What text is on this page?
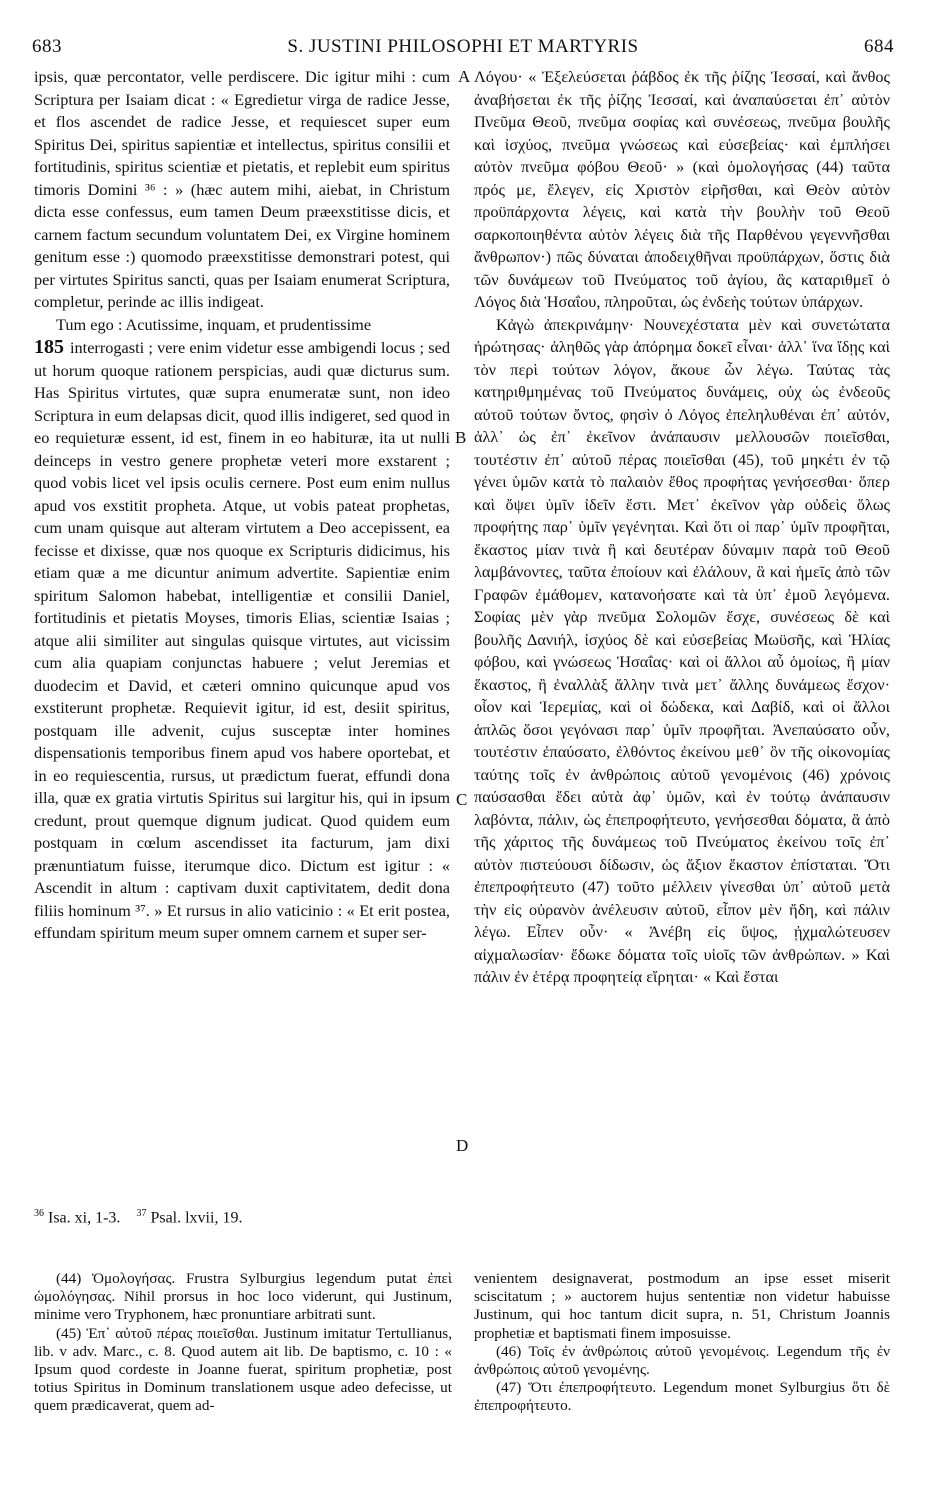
683	S. JUSTINI PHILOSOPHI ET MARTYRIS	684

ipsis, quæ percontator, velle perdiscere. Dic igitur mihi : cum Scriptura per Isaiam dicat : « Egredietur virga de radice Jesse, et flos ascendet de radice Jesse, et requiescet super eum Spiritus Dei, spiritus sapientiæ et intellectus, spiritus consilii et fortitudinis, spiritus scientiæ et pietatis, et replebit eum spiritus timoris Domini ³⁶ : » (hæc autem mihi, aiebat, in Christum dicta esse confessus, eum tamen Deum præexstitisse dicis, et carnem factum secundum voluntatem Dei, ex Virgine hominem genitum esse :) quomodo præexstitisse demonstrari potest, qui per virtutes Spiritus sancti, quas per Isaiam enumerat Scriptura, completur, perinde ac illis indigeat.

Tum ego : Acutissime, inquam, et prudentissime

185 interrogasti ; vere enim videtur esse ambigendi locus ; sed ut horum quoque rationem perspicias, audi quæ dicturus sum. Has Spiritus virtutes, quæ supra enumeratæ sunt, non ideo Scriptura in eum delapsas dicit, quod illis indigeret, sed quod in eo requieturæ essent, id est, finem in eo habituræ, ita ut nulli deinceps in vestro genere prophetæ veteri more exstarent ; quod vobis licet vel ipsis oculis cernere. Post eum enim nullus apud vos exstitit propheta. Atque, ut vobis pateat prophetas, cum unam quisque aut alteram virtutem a Deo accepissent, ea fecisse et dixisse, quæ nos quoque ex Scripturis didicimus, his etiam quæ a me dicuntur animum advertite. Sapientiæ enim spiritum Salomon habebat, intelligentiæ et consilii Daniel, fortitudinis et pietatis Moyses, timoris Elias, scientiæ Isaias ; atque alii similiter aut singulas quisque virtutes, aut vicissim cum alia quapiam conjunctas habuere ; velut Jeremias et duodecim et David, et cæteri omnino quicunque apud vos exstiterunt prophetæ. Requievit igitur, id est, desiit spiritus, postquam ille advenit, cujus susceptæ inter homines dispensationis temporibus finem apud vos habere oportebat, et in eo requiescentia, rursus, ut prædictum fuerat, effundi dona illa, quæ ex gratia virtutis Spiritus sui largitur his, qui in ipsum credunt, prout quemque dignum judicat. Quod quidem eum postquam in cœlum ascendisset ita facturum, jam dixi prænuntiatum fuisse, iterumque dico. Dictum est igitur : « Ascendit in altum : captivam duxit captivitatem, dedit dona filiis hominum ³⁷. » Et rursus in alio vaticinio : « Et erit postea, effundam spiritum meum super omnem carnem et super ser-

A
B
C
D

Λόγου· « Ἐξελεύσεται ῥάβδος ἐκ τῆς ῥίζης Ἰεσσαί, καὶ ἄνθος ἀναβήσεται ἐκ τῆς ῥίζης Ἰεσσαί, καὶ ἀναπαύσεται ἐπ᾽ αὐτὸν Πνεῦμα Θεοῦ, πνεῦμα σοφίας καὶ συνέσεως, πνεῦμα βουλῆς καὶ ἰσχύος, πνεῦμα γνώσεως καὶ εὐσεβείας· καὶ ἐμπλήσει αὐτὸν πνεῦμα φόβου Θεοῦ· » (καὶ ὁμολογήσας (44) ταῦτα πρός με, ἔλεγεν, εἰς Χριστὸν εἰρῆσθαι, καὶ Θεὸν αὐτὸν προϋπάρχοντα λέγεις, καὶ κατὰ τὴν βουλὴν τοῦ Θεοῦ σαρκοποιηθέντα αὐτὸν λέγεις διὰ τῆς Παρθένου γεγεννῆσθαι ἄνθρωπον·) πῶς δύναται ἀποδειχθῆναι προϋπάρχων, ὅστις διὰ τῶν δυνάμεων τοῦ Πνεύματος τοῦ ἁγίου, ἃς καταριθμεῖ ὁ Λόγος διὰ Ἡσαΐου, πληροῦται, ὡς ἐνδεὴς τούτων ὑπάρχων.

Κἀγὼ ἀπεκρινάμην· Νουνεχέστατα μὲν καὶ συνετώτατα ἠρώτησας· ἀληθῶς γὰρ ἀπόρημα δοκεῖ εἶναι· ἀλλ᾽ ἵνα ἴδῃς καὶ τὸν περὶ τούτων λόγον, ἄκουε ὧν λέγω. Ταύτας τὰς κατηριθμημένας τοῦ Πνεύματος δυνάμεις, οὐχ ὡς ἐνδεοῦς αὐτοῦ τούτων ὄντος, φησὶν ὁ Λόγος ἐπεληλυθέναι ἐπ᾽ αὐτόν, ἀλλ᾽ ὡς ἐπ᾽ ἐκεῖνον ἀνάπαυσιν μελλουσῶν ποιεῖσθαι, τουτέστιν ἐπ᾽ αὐτοῦ πέρας ποιεῖσθαι (45), τοῦ μηκέτι ἐν τῷ γένει ὑμῶν κατὰ τὸ παλαιὸν ἔθος προφήτας γενήσεσθαι· ὅπερ καὶ ὄψει ὑμῖν ἰδεῖν ἔστι. Μετ᾽ ἐκεῖνον γὰρ οὐδεὶς ὅλως προφήτης παρ᾽ ὑμῖν γεγένηται. Καὶ ὅτι οἱ παρ᾽ ὑμῖν προφῆται, ἕκαστος μίαν τινὰ ἢ καὶ δευτέραν δύναμιν παρὰ τοῦ Θεοῦ λαμβάνοντες, ταῦτα ἐποίουν καὶ ἐλάλουν, ἃ καὶ ἡμεῖς ἀπὸ τῶν Γραφῶν ἐμάθομεν, κατανοήσατε καὶ τὰ ὑπ᾽ ἐμοῦ λεγόμενα. Σοφίας μὲν γὰρ πνεῦμα Σολομῶν ἔσχε, συνέσεως δὲ καὶ βουλῆς Δανιήλ, ἰσχύος δὲ καὶ εὐσεβείας Μωϋσῆς, καὶ Ἠλίας φόβου, καὶ γνώσεως Ἡσαΐας· καὶ οἱ ἄλλοι αὖ ὁμοίως, ἢ μίαν ἕκαστος, ἢ ἐναλλὰξ ἄλλην τινὰ μετ᾽ ἄλλης δυνάμεως ἔσχον· οἷον καὶ Ἱερεμίας, καὶ οἱ δώδεκα, καὶ Δαβίδ, καὶ οἱ ἄλλοι ἁπλῶς ὅσοι γεγόνασι παρ᾽ ὑμῖν προφῆται. Ἀνεπαύσατο οὖν, τουτέστιν ἐπαύσατο, ἐλθόντος ἐκείνου μεθ᾽ ὃν τῆς οἰκονομίας ταύτης τοῖς ἐν ἀνθρώποις αὐτοῦ γενομένοις (46) χρόνοις παύσασθαι ἔδει αὐτὰ ἀφ᾽ ὑμῶν, καὶ ἐν τούτῳ ἀνάπαυσιν λαβόντα, πάλιν, ὡς ἐπεπροφήτευτο, γενήσεσθαι δόματα, ἃ ἀπὸ τῆς χάριτος τῆς δυνάμεως τοῦ Πνεύματος ἐκείνου τοῖς ἐπ᾽ αὐτὸν πιστεύουσι δίδωσιν, ὡς ἄξιον ἕκαστον ἐπίσταται. Ὅτι ἐπεπροφήτευτο (47) τοῦτο μέλλειν γίνεσθαι ὑπ᾽ αὐτοῦ μετὰ τὴν εἰς οὐρανὸν ἀνέλευσιν αὐτοῦ, εἶπον μὲν ἤδη, καὶ πάλιν λέγω. Εἶπεν οὖν· « Ἀνέβη εἰς ὕψος, ᾐχμαλώτευσεν αἰχμαλωσίαν· ἔδωκε δόματα τοῖς υἱοῖς τῶν ἀνθρώπων. » Καὶ πάλιν ἐν ἑτέρᾳ προφητείᾳ εἴρηται· « Καὶ ἔσται

$^{36}$ Isa. xi, 1-3. $^{37}$ Psal. lxvii, 19.

(44) Ὁμολογήσας. Frustra Sylburgius legendum putat ἐπεὶ ὡμολόγησας. Nihil prorsus in hoc loco viderunt, qui Justinum, minime vero Tryphonem, hæc pronuntiare arbitrati sunt.

(45) Ἐπ᾽ αὐτοῦ πέρας ποιεῖσθαι. Justinum imitatur Tertullianus, lib. v adv. Marc., c. 8. Quod autem ait lib. De baptismo, c. 10 : « Ipsum quod cordeste in Joanne fuerat, spiritum prophetiæ, post totius Spiritus in Dominum translationem usque adeo defecisse, ut quem prædicaverat, quem ad-

venientem designaverat, postmodum an ipse esset miserit sciscitatum ; » auctorem hujus sententiæ non videtur habuisse Justinum, qui hoc tantum dicit supra, n. 51, Christum Joannis prophetiæ et baptismati finem imposuisse.

(46) Τοῖς ἐν ἀνθρώποις αὐτοῦ γενομένοις. Legendum τῆς ἐν ἀνθρώποις αὐτοῦ γενομένης.

(47) Ὅτι ἐπεπροφήτευτο. Legendum monet Sylburgius ὅτι δὲ ἐπεπροφήτευτο.
